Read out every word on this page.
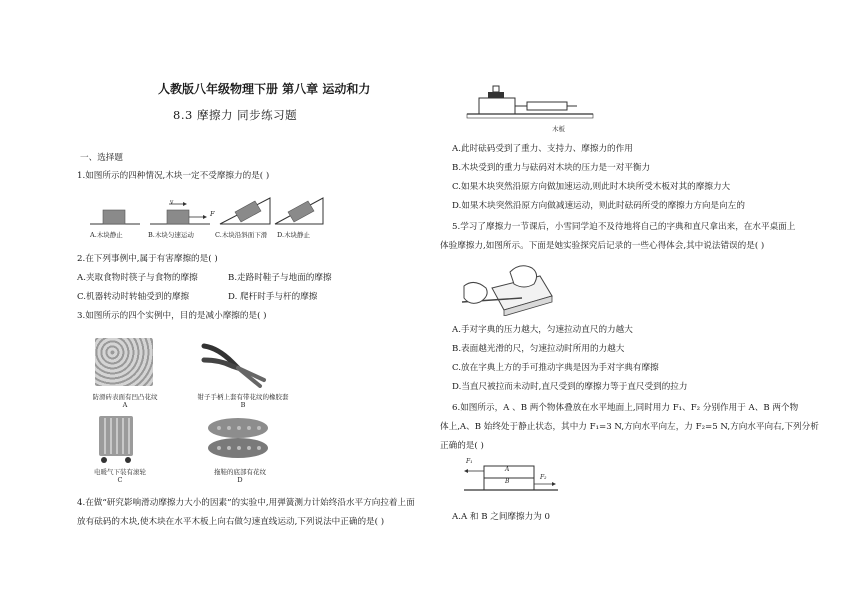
人教版八年级物理下册 第八章 运动和力
8.3 摩擦力 同步练习题
一、选择题
1.如图所示的四种情况,木块一定不受摩擦力的是( )
v
F
A.木块静止	B.木块匀速运动	C.木块沿斜面下滑 D.木块静止
2.在下列事例中,属于有害摩擦的是( )
A.夹取食物时筷子与食物的摩擦	B.走路时鞋子与地面的摩擦
C.机器转动时转轴受到的摩擦	D. 爬杆时手与杆的摩擦
3.如图所示的四个实例中，目的是减小摩擦的是( )
防滑砖表面有凹凸花纹
A
钳子手柄上套有带花纹的橡胶套
B
电暖气下装有滚轮
C
拖鞋的底部有花纹
D
4.在做“研究影响滑动摩擦力大小的因素”的实验中,用弹簧测力计始终沿水平方向拉着上面
放有砝码的木块,使木块在水平木板上向右做匀速直线运动,下列说法中正确的是( )
木板
A.此时砝码受到了重力、支持力、摩擦力的作用
B.木块受到的重力与砝码对木块的压力是一对平衡力
C.如果木块突然沿原方向做加速运动,则此时木块所受木板对其的摩擦力大
D.如果木块突然沿原方向做减速运动，则此时砝码所受的摩擦力方向是向左的
5.学习了摩擦力一节课后，小雪同学迫不及待地将自己的字典和直尺拿出来，在水平桌面上
体验摩擦力,如图所示。下面是她实验探究后记录的一些心得体会,其中说法错误的是( )
A.手对字典的压力越大，匀速拉动直尺的力越大
B.表面越光滑的尺，匀速拉动时所用的力越大
C.放在字典上方的手可推动字典是因为手对字典有摩擦
D.当直尺被拉而未动时,直尺受到的摩擦力等于直尺受到的拉力
6.如图所示，A 、B 两个物体叠放在水平地面上,同时用力 F₁、F₂ 分别作用于 A、B 两个物
体上,A、B 始终处于静止状态，其中力 F₁=3 N,方向水平向左，力 F₂=5 N,方向水平向右,下列分析
正确的是( )
F₁
F₂
A
B
A.A 和 B 之间摩擦力为 0
